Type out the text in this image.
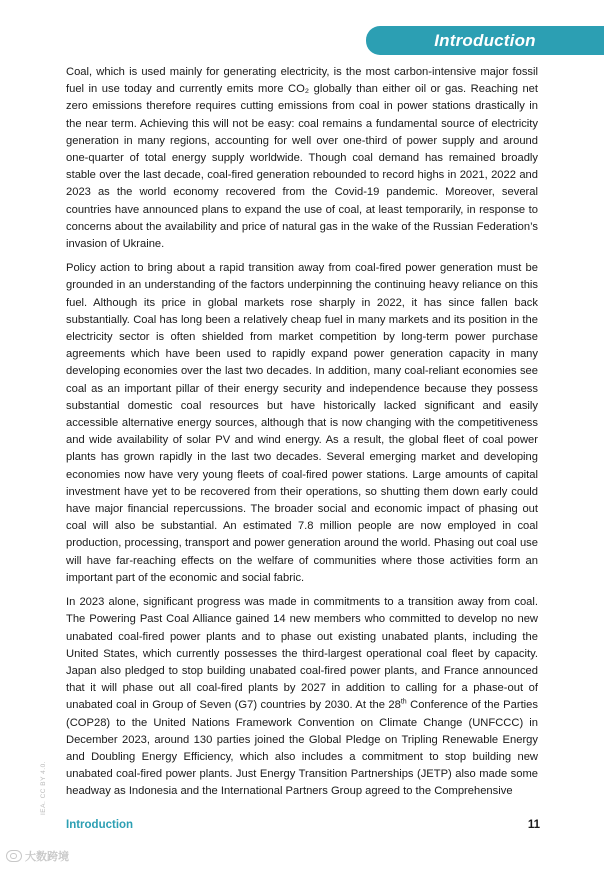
Introduction

Coal, which is used mainly for generating electricity, is the most carbon-intensive major fossil fuel in use today and currently emits more CO₂ globally than either oil or gas. Reaching net zero emissions therefore requires cutting emissions from coal in power stations drastically in the near term. Achieving this will not be easy: coal remains a fundamental source of electricity generation in many regions, accounting for well over one-third of power supply and around one-quarter of total energy supply worldwide. Though coal demand has remained broadly stable over the last decade, coal-fired generation rebounded to record highs in 2021, 2022 and 2023 as the world economy recovered from the Covid-19 pandemic. Moreover, several countries have announced plans to expand the use of coal, at least temporarily, in response to concerns about the availability and price of natural gas in the wake of the Russian Federation’s invasion of Ukraine.

Policy action to bring about a rapid transition away from coal-fired power generation must be grounded in an understanding of the factors underpinning the continuing heavy reliance on this fuel. Although its price in global markets rose sharply in 2022, it has since fallen back substantially. Coal has long been a relatively cheap fuel in many markets and its position in the electricity sector is often shielded from market competition by long-term power purchase agreements which have been used to rapidly expand power generation capacity in many developing economies over the last two decades. In addition, many coal-reliant economies see coal as an important pillar of their energy security and independence because they possess substantial domestic coal resources but have historically lacked significant and easily accessible alternative energy sources, although that is now changing with the competitiveness and wide availability of solar PV and wind energy. As a result, the global fleet of coal power plants has grown rapidly in the last two decades. Several emerging market and developing economies now have very young fleets of coal-fired power stations. Large amounts of capital investment have yet to be recovered from their operations, so shutting them down early could have major financial repercussions. The broader social and economic impact of phasing out coal will also be substantial. An estimated 7.8 million people are now employed in coal production, processing, transport and power generation around the world. Phasing out coal use will have far-reaching effects on the welfare of communities where those activities form an important part of the economic and social fabric.

In 2023 alone, significant progress was made in commitments to a transition away from coal. The Powering Past Coal Alliance gained 14 new members who committed to develop no new unabated coal-fired power plants and to phase out existing unabated plants, including the United States, which currently possesses the third-largest operational coal fleet by capacity. Japan also pledged to stop building unabated coal-fired power plants, and France announced that it will phase out all coal-fired plants by 2027 in addition to calling for a phase-out of unabated coal in Group of Seven (G7) countries by 2030. At the 28th Conference of the Parties (COP28) to the United Nations Framework Convention on Climate Change (UNFCCC) in December 2023, around 130 parties joined the Global Pledge on Tripling Renewable Energy and Doubling Energy Efficiency, which also includes a commitment to stop building new unabated coal-fired power plants. Just Energy Transition Partnerships (JETP) also made some headway as Indonesia and the International Partners Group agreed to the Comprehensive

IEA. CC BY 4.0.
Introduction	11
大数跨境
